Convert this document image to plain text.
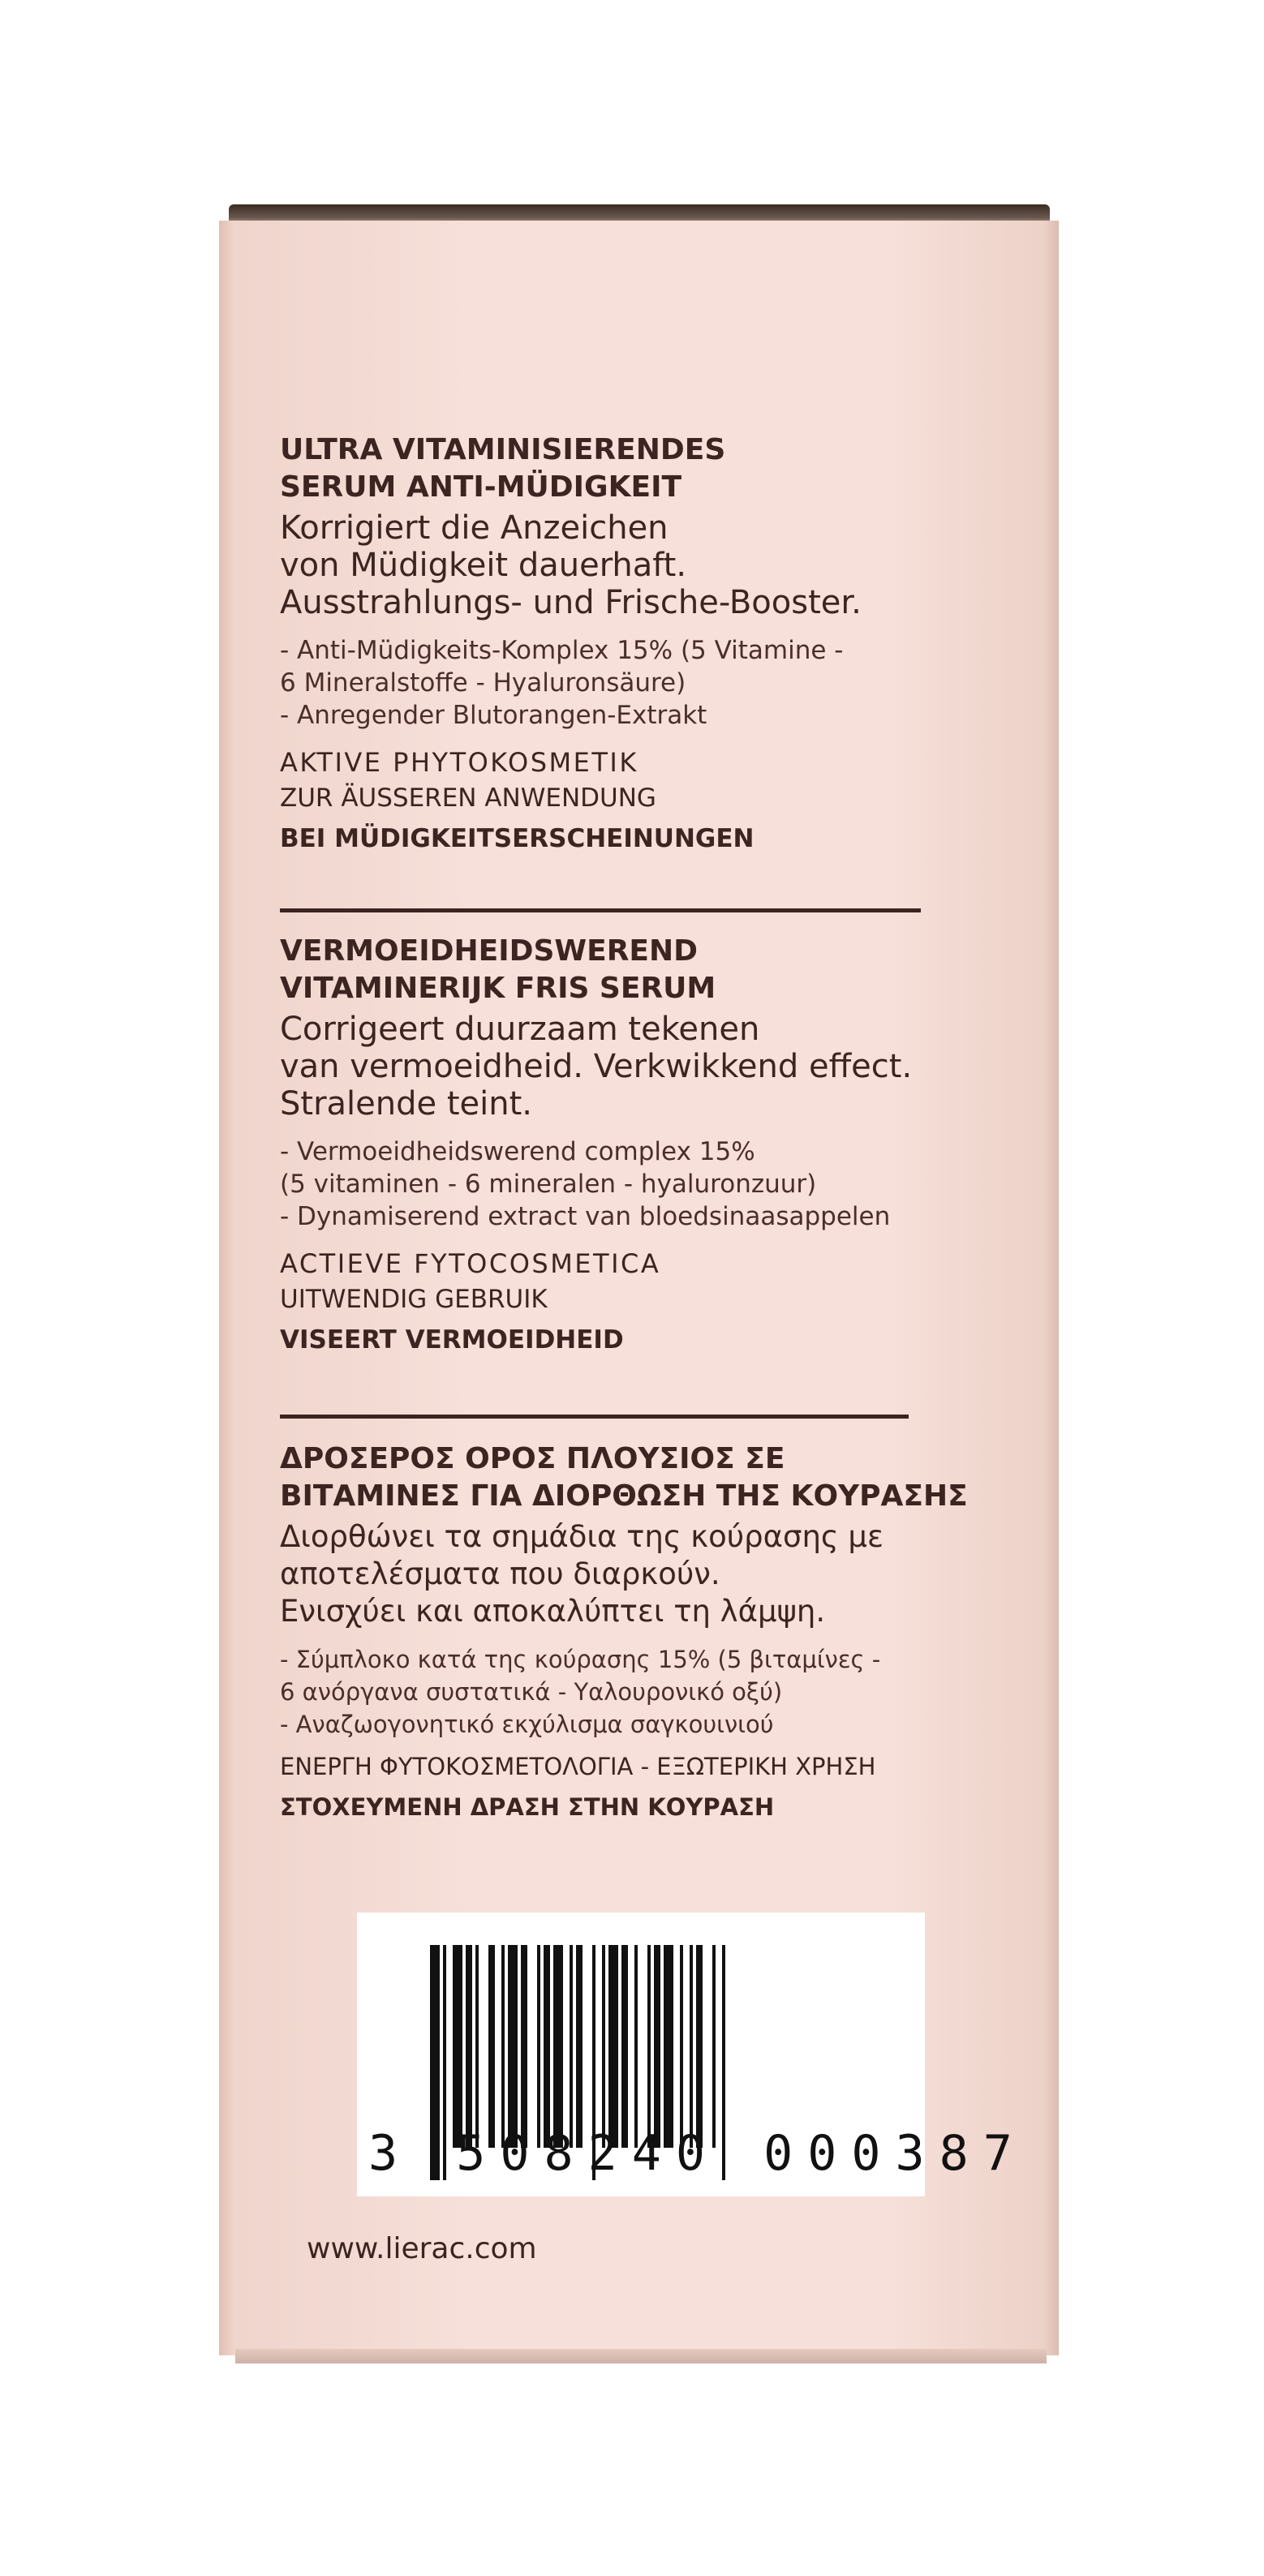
ULTRA VITAMINISIERENDES
SERUM ANTI-MÜDIGKEIT
Korrigiert die Anzeichen
von Müdigkeit dauerhaft.
Ausstrahlungs- und Frische-Booster.
- Anti-Müdigkeits-Komplex 15% (5 Vitamine -
6 Mineralstoffe - Hyaluronsäure)
- Anregender Blutorangen-Extrakt
AKTIVE PHYTOKOSMETIK
ZUR ÄUSSEREN ANWENDUNG
BEI MÜDIGKEITSERSCHEINUNGEN
VERMOEIDHEIDSWEREND
VITAMINERIJK FRIS SERUM
Corrigeert duurzaam tekenen
van vermoeidheid. Verkwikkend effect.
Stralende teint.
- Vermoeidheidswerend complex 15%
(5 vitaminen - 6 mineralen - hyaluronzuur)
- Dynamiserend extract van bloedsinaasappelen
ACTIEVE FYTOCOSMETICA
UITWENDIG GEBRUIK
VISEERT VERMOEIDHEID
ΔΡΟΣΕΡΟΣ ΟΡΟΣ ΠΛΟΥΣΙΟΣ ΣΕ
ΒΙΤΑΜΙΝΕΣ ΓΙΑ ΔΙΟΡΘΩΣΗ ΤΗΣ ΚΟΥΡΑΣΗΣ
Διορθώνει τα σημάδια της κούρασης με
αποτελέσματα που διαρκούν.
Ενισχύει και αποκαλύπτει τη λάμψη.
- Σύμπλοκο κατά της κούρασης 15% (5 βιταμίνες -
6 ανόργανα συστατικά - Υαλουρονικό οξύ)
- Αναζωογονητικό εκχύλισμα σαγκουινιού
ΕΝΕΡΓΗ ΦΥΤΟΚΟΣΜΕΤΟΛΟΓΙΑ - ΕΞΩΤΕΡΙΚΗ ΧΡΗΣΗ
ΣΤΟΧΕΥΜΕΝΗ ΔΡΑΣΗ ΣΤΗΝ ΚΟΥΡΑΣΗ
3 508240 000387
www.lierac.com
